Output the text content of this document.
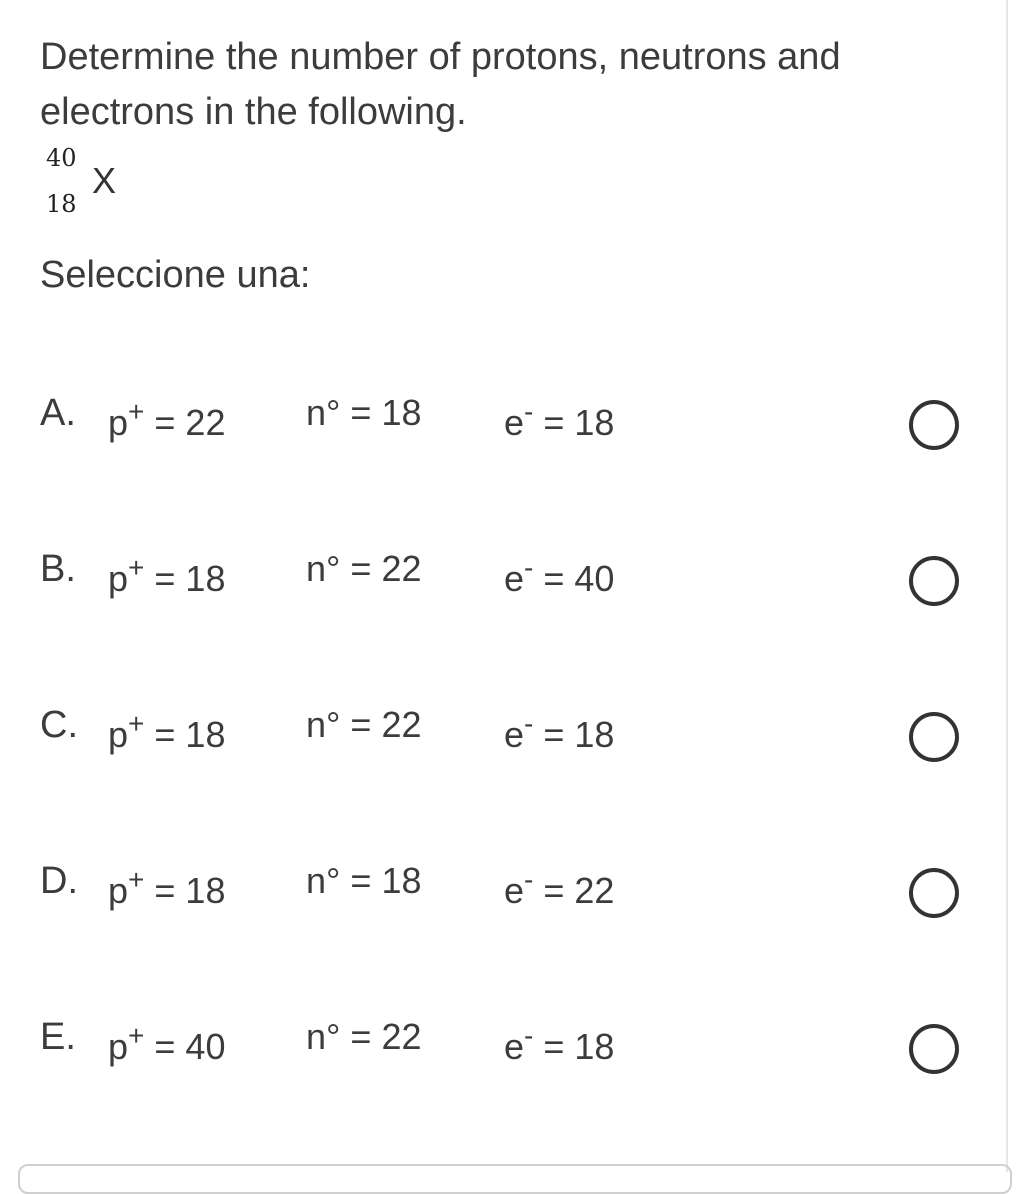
Determine the number of protons, neutrons and electrons in the following.
40
18
X
Seleccione una:
A. p+ = 22 n° = 18 e- = 18
B. p+ = 18 n° = 22 e- = 40
C. p+ = 18 n° = 22 e- = 18
D. p+ = 18 n° = 18 e- = 22
E. p+ = 40 n° = 22 e- = 18
